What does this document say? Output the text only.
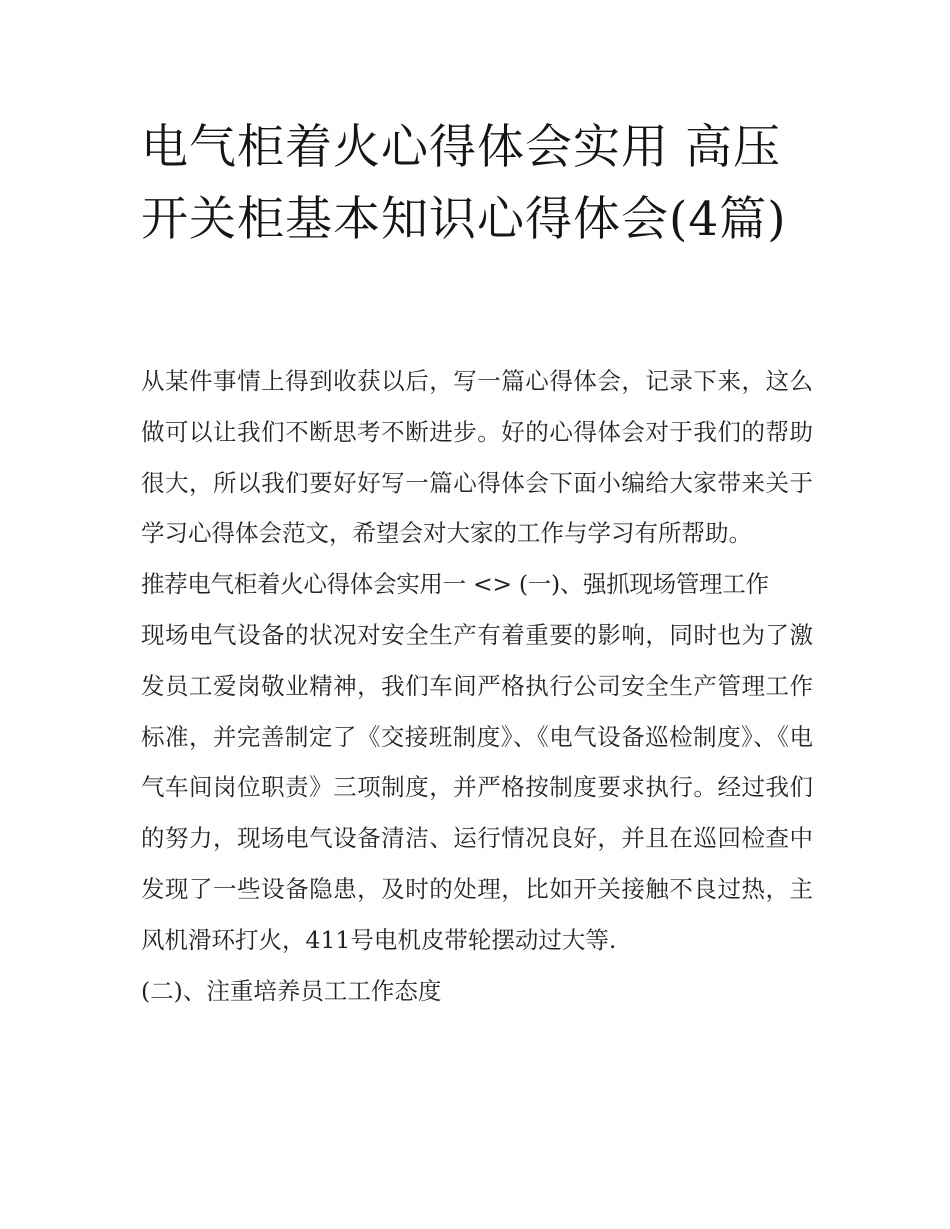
电气柜着火心得体会实用 高压开关柜基本知识心得体会(4篇)

从某件事情上得到收获以后，写一篇心得体会，记录下来，这么做可以让我们不断思考不断进步。好的心得体会对于我们的帮助很大，所以我们要好好写一篇心得体会下面小编给大家带来关于学习心得体会范文，希望会对大家的工作与学习有所帮助。

推荐电气柜着火心得体会实用一 <> (一)、强抓现场管理工作

现场电气设备的状况对安全生产有着重要的影响，同时也为了激发员工爱岗敬业精神，我们车间严格执行公司安全生产管理工作标准，并完善制定了《交接班制度》、《电气设备巡检制度》、《电气车间岗位职责》三项制度，并严格按制度要求执行。经过我们的努力，现场电气设备清洁、运行情况良好，并且在巡回检查中发现了一些设备隐患，及时的处理，比如开关接触不良过热，主风机滑环打火，411号电机皮带轮摆动过大等.

(二)、注重培养员工工作态度
